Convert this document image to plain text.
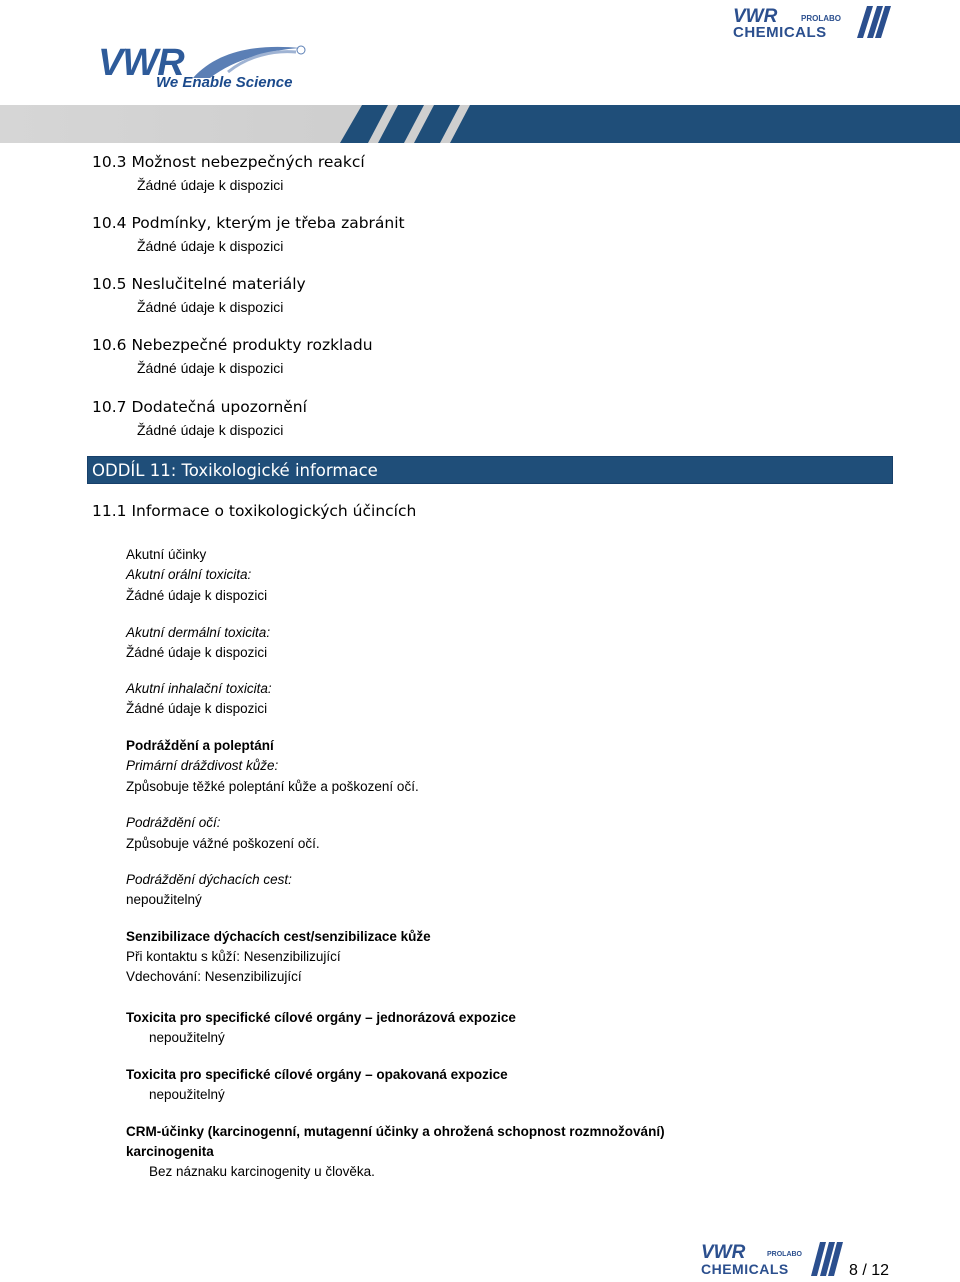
VWR	PROLABO
CHEMICALS
VWR
We Enable Science
10.3 Možnost nebezpečných reakcí
Žádné údaje k dispozici
10.4 Podmínky, kterým je třeba zabránit
Žádné údaje k dispozici
10.5 Neslučitelné materiály
Žádné údaje k dispozici
10.6 Nebezpečné produkty rozkladu
Žádné údaje k dispozici
10.7 Dodatečná upozornění
Žádné údaje k dispozici
ODDÍL 11: Toxikologické informace
11.1 Informace o toxikologických účincích
Akutní účinky
Akutní orální toxicita:
Žádné údaje k dispozici
Akutní dermální toxicita:
Žádné údaje k dispozici
Akutní inhalační toxicita:
Žádné údaje k dispozici
Podráždění a poleptání
Primární dráždivost kůže:
Způsobuje těžké poleptání kůže a poškození očí.
Podráždění očí:
Způsobuje vážné poškození očí.
Podráždění dýchacích cest:
nepoužitelný
Senzibilizace dýchacích cest/senzibilizace kůže
Při kontaktu s kůží: Nesenzibilizující
Vdechování: Nesenzibilizující
Toxicita pro specifické cílové orgány – jednorázová expozice
nepoužitelný
Toxicita pro specifické cílové orgány – opakovaná expozice
nepoužitelný
CRM-účinky (karcinogenní, mutagenní účinky a ohrožená schopnost rozmnožování)
karcinogenita
Bez náznaku karcinogenity u člověka.
VWR	PROLABO
CHEMICALS	8 / 12
